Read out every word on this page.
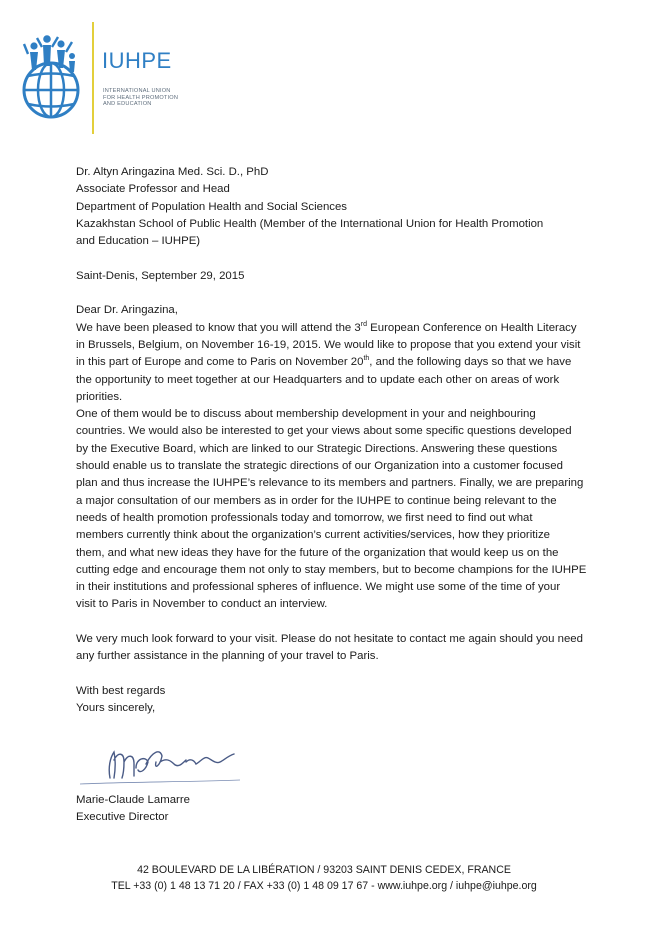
IUHPE
INTERNATIONAL UNION
FOR HEALTH PROMOTION
AND EDUCATION
Dr. Altyn Aringazina Med. Sci. D., PhD
Associate Professor and Head
Department of Population Health and Social Sciences
Kazakhstan School of Public Health (Member of the International Union for Health Promotion
and Education – IUHPE)
Saint-Denis, September 29, 2015
Dear Dr. Aringazina,
We have been pleased to know that you will attend the 3rd European Conference on Health Literacy
in Brussels, Belgium, on November 16-19, 2015. We would like to propose that you extend your visit
in this part of Europe and come to Paris on November 20th, and the following days so that we have
the opportunity to meet together at our Headquarters and to update each other on areas of work
priorities.
One of them would be to discuss about membership development in your and neighbouring
countries. We would also be interested to get your views about some specific questions developed
by the Executive Board, which are linked to our Strategic Directions. Answering these questions
should enable us to translate the strategic directions of our Organization into a customer focused
plan and thus increase the IUHPE’s relevance to its members and partners. Finally, we are preparing
a major consultation of our members as in order for the IUHPE to continue being relevant to the
needs of health promotion professionals today and tomorrow, we first need to find out what
members currently think about the organization’s current activities/services, how they prioritize
them, and what new ideas they have for the future of the organization that would keep us on the
cutting edge and encourage them not only to stay members, but to become champions for the IUHPE
in their institutions and professional spheres of influence. We might use some of the time of your
visit to Paris in November to conduct an interview.
We very much look forward to your visit. Please do not hesitate to contact me again should you need
any further assistance in the planning of your travel to Paris.
With best regards
Yours sincerely,
Marie-Claude Lamarre
Executive Director
42 BOULEVARD DE LA LIBÉRATION / 93203 SAINT DENIS CEDEX, FRANCE
TEL +33 (0) 1 48 13 71 20 / FAX +33 (0) 1 48 09 17 67 - www.iuhpe.org / iuhpe@iuhpe.org
